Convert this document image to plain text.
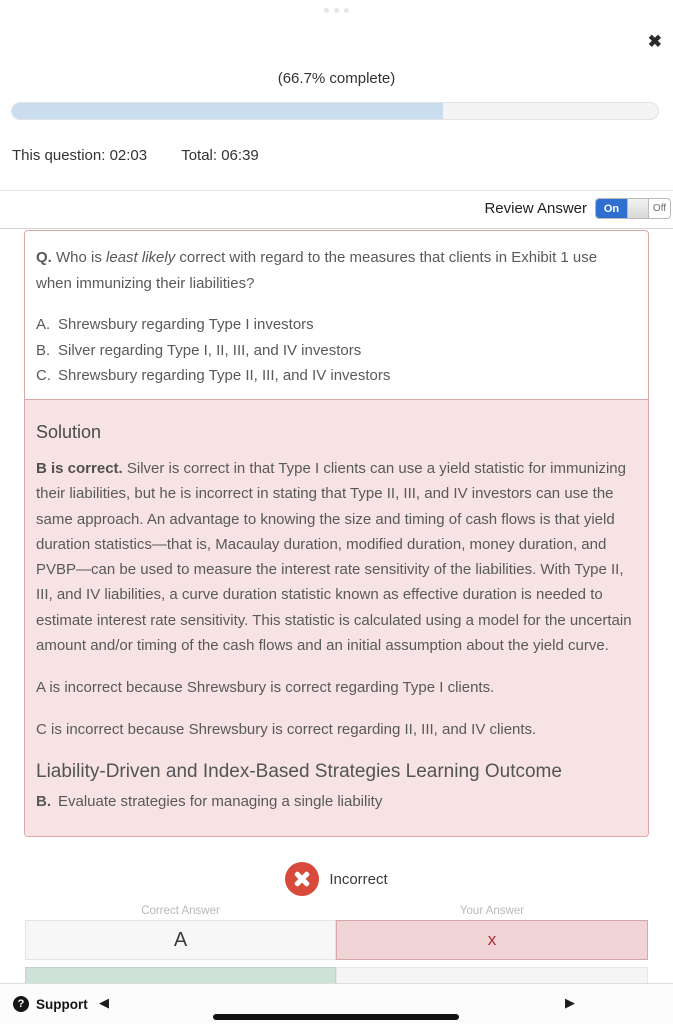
✖
(66.7% complete)
This question: 02:03 Total: 06:39
Review Answer	On	Off
Q. Who is least likely correct with regard to the measures that clients in Exhibit 1 use when immunizing their liabilities?
A. Shrewsbury regarding Type I investors
B. Silver regarding Type I, II, III, and IV investors
C. Shrewsbury regarding Type II, III, and IV investors
Solution
B is correct. Silver is correct in that Type I clients can use a yield statistic for immunizing their liabilities, but he is incorrect in stating that Type II, III, and IV investors can use the same approach. An advantage to knowing the size and timing of cash flows is that yield duration statistics—that is, Macaulay duration, modified duration, money duration, and PVBP—can be used to measure the interest rate sensitivity of the liabilities. With Type II, III, and IV liabilities, a curve duration statistic known as effective duration is needed to estimate interest rate sensitivity. This statistic is calculated using a model for the uncertain amount and/or timing of the cash flows and an initial assumption about the yield curve.
A is incorrect because Shrewsbury is correct regarding Type I clients.
C is incorrect because Shrewsbury is correct regarding II, III, and IV clients.
Liability-Driven and Index-Based Strategies Learning Outcome
B. Evaluate strategies for managing a single liability
Incorrect
Correct Answer	Your Answer
A	x
? Support ◀	▶
